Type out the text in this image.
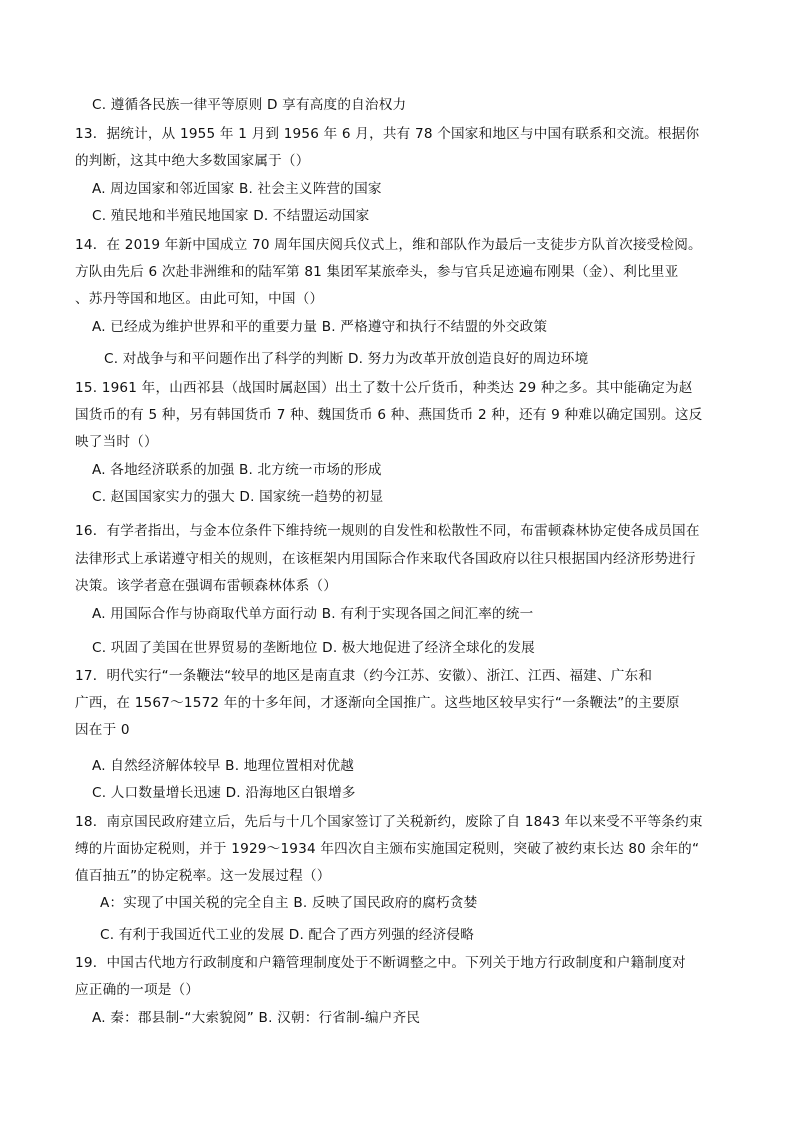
C. 遵循各民族一律平等原则 D 享有高度的自治权力
13．据统计，从 1955 年 1 月到 1956 年 6 月，共有 78 个国家和地区与中国有联系和交流。根据你
的判断，这其中绝大多数国家属于（）
A. 周边国家和邻近国家 B. 社会主义阵营的国家
C. 殖民地和半殖民地国家 D. 不结盟运动国家
14．在 2019 年新中国成立 70 周年国庆阅兵仪式上，维和部队作为最后一支徒步方队首次接受检阅。
方队由先后 6 次赴非洲维和的陆军第 81 集团军某旅牵头，参与官兵足迹遍布刚果（金）、利比里亚
、苏丹等国和地区。由此可知，中国（）
A. 已经成为维护世界和平的重要力量 B. 严格遵守和执行不结盟的外交政策
C. 对战争与和平问题作出了科学的判断 D. 努力为改革开放创造良好的周边环境
15. 1961 年，山西祁县（战国时属赵国）出土了数十公斤货币，种类达 29 种之多。其中能确定为赵
国货币的有 5 种，另有韩国货币 7 种、魏国货币 6 种、燕国货币 2 种，还有 9 种难以确定国别。这反
映了当时（）
A. 各地经济联系的加强 B. 北方统一市场的形成
C. 赵国国家实力的强大 D. 国家统一趋势的初显
16．有学者指出，与金本位条件下维持统一规则的自发性和松散性不同，布雷顿森林协定使各成员国在
法律形式上承诺遵守相关的规则，在该框架内用国际合作来取代各国政府以往只根据国内经济形势进行
决策。该学者意在强调布雷顿森林体系（）
A. 用国际合作与协商取代单方面行动 B. 有利于实现各国之间汇率的统一
C. 巩固了美国在世界贸易的垄断地位 D. 极大地促进了经济全球化的发展
17．明代实行“一条鞭法“较早的地区是南直隶（约今江苏、安徽）、浙江、江西、福建、广东和
广西，在 1567～1572 年的十多年间，才逐渐向全国推广。这些地区较早实行“一条鞭法”的主要原
因在于 0
A. 自然经济解体较早 B. 地理位置相对优越
C. 人口数量增长迅速 D. 沿海地区白银增多
18．南京国民政府建立后，先后与十几个国家签订了关税新约，废除了自 1843 年以来受不平等条约束
缚的片面协定税则，并于 1929～1934 年四次自主颁布实施国定税则，突破了被约束长达 80 余年的“
值百抽五”的协定税率。这一发展过程（）
A：实现了中国关税的完全自主 B. 反映了国民政府的腐朽贪婪
C. 有利于我国近代工业的发展 D. 配合了西方列强的经济侵略
19．中国古代地方行政制度和户籍管理制度处于不断调整之中。下列关于地方行政制度和户籍制度对
应正确的一项是（）
A. 秦：郡县制-“大索貌阅” B. 汉朝：行省制-编户齐民
